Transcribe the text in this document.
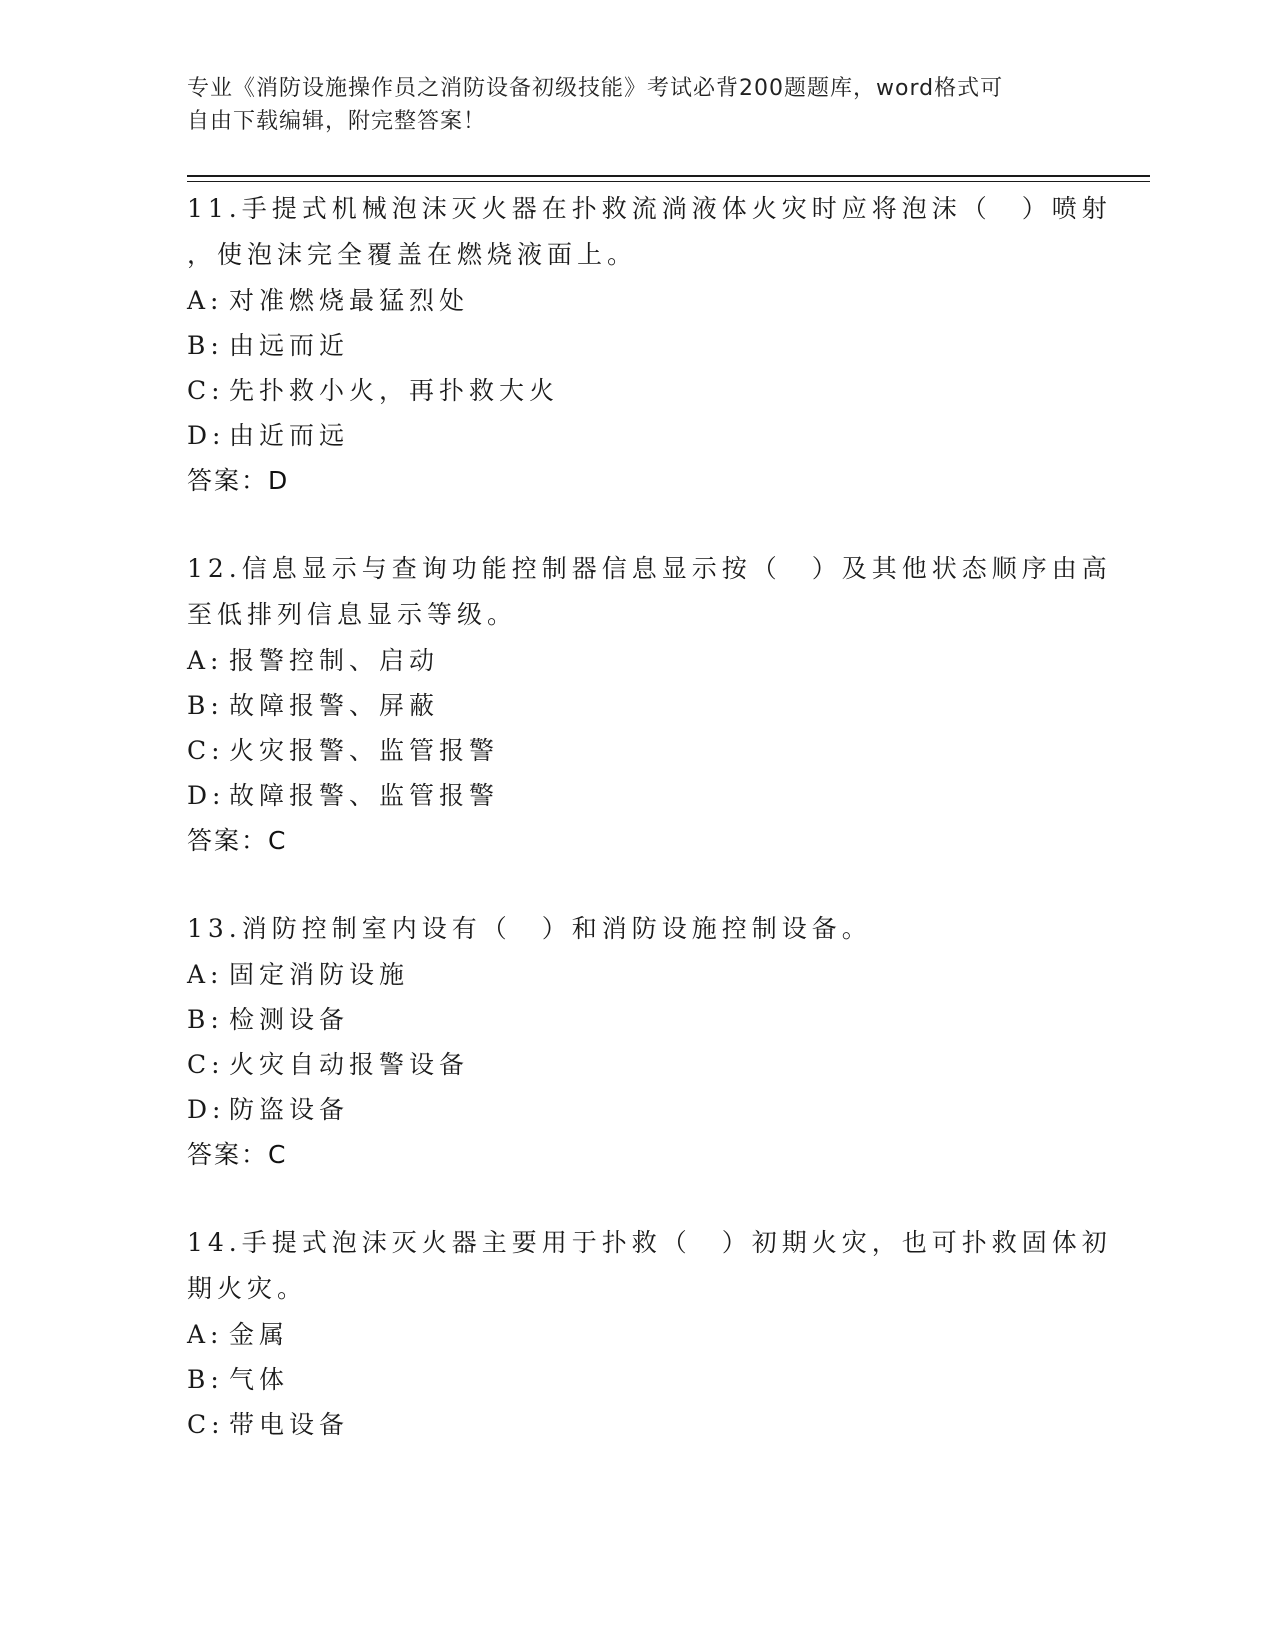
专业《消防设施操作员之消防设备初级技能》考试必背200题题库，word格式可
自由下载编辑，附完整答案！
11.手提式机械泡沫灭火器在扑救流淌液体火灾时应将泡沫（　）喷射
，使泡沫完全覆盖在燃烧液面上。
A: 对准燃烧最猛烈处
B: 由远而近
C: 先扑救小火，再扑救大火
D: 由近而远
答案：D
12.信息显示与查询功能控制器信息显示按（　）及其他状态顺序由高
至低排列信息显示等级。
A: 报警控制、启动
B: 故障报警、屏蔽
C: 火灾报警、监管报警
D: 故障报警、监管报警
答案：C
13.消防控制室内设有（　）和消防设施控制设备。
A: 固定消防设施
B: 检测设备
C: 火灾自动报警设备
D: 防盗设备
答案：C
14.手提式泡沫灭火器主要用于扑救（　）初期火灾，也可扑救固体初
期火灾。
A: 金属
B: 气体
C: 带电设备
